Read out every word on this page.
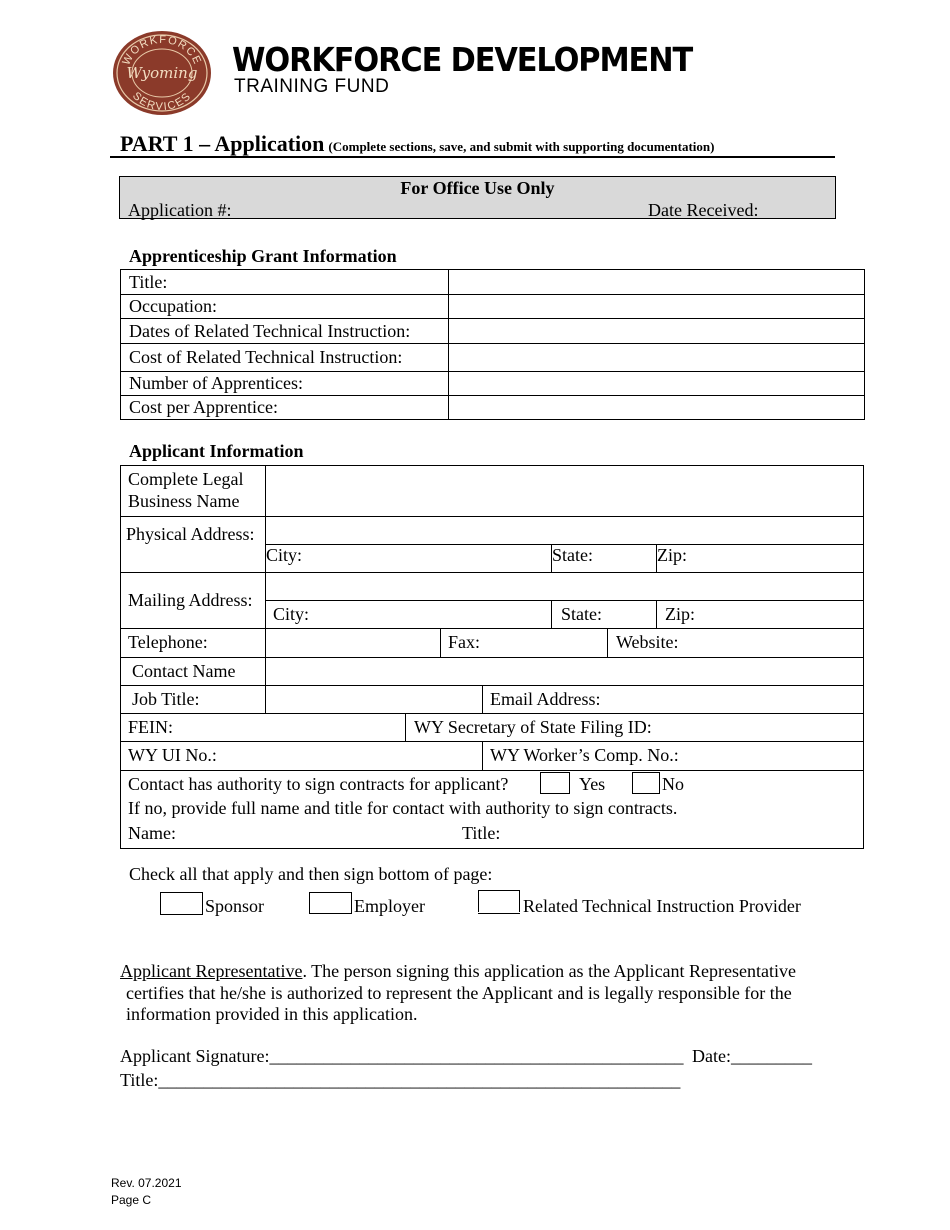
WORKFORCE
Wyoming
SERVICES
WORKFORCE DEVELOPMENT
TRAINING FUND
PART 1 – Application (Complete sections, save, and submit with supporting documentation)
For Office Use Only
Application #:	Date Received:
Apprenticeship Grant Information
Title:	
Occupation:	
Dates of Related Technical Instruction:	
Cost of Related Technical Instruction:	
Number of Apprentices:	
Cost per Apprentice:	
Applicant Information
Complete Legal
Business Name
Physical Address:
City:	State:	Zip:
Mailing Address:
City:	State:	Zip:
Telephone:	Fax:	Website:
Contact Name
Job Title:	Email Address:
FEIN:	WY Secretary of State Filing ID:
WY UI No.:	WY Worker’s Comp. No.:
Contact has authority to sign contracts for applicant?	Yes	No
If no, provide full name and title for contact with authority to sign contracts.
Name:	Title:
Check all that apply and then sign bottom of page:
Sponsor	Employer	Related Technical Instruction Provider
Applicant Representative. The person signing this application as the Applicant Representative
certifies that he/she is authorized to represent the Applicant and is legally responsible for the
information provided in this application.
Applicant Signature:______________________________________________ Date:_________
Title:__________________________________________________________
Rev. 07.2021
Page C
